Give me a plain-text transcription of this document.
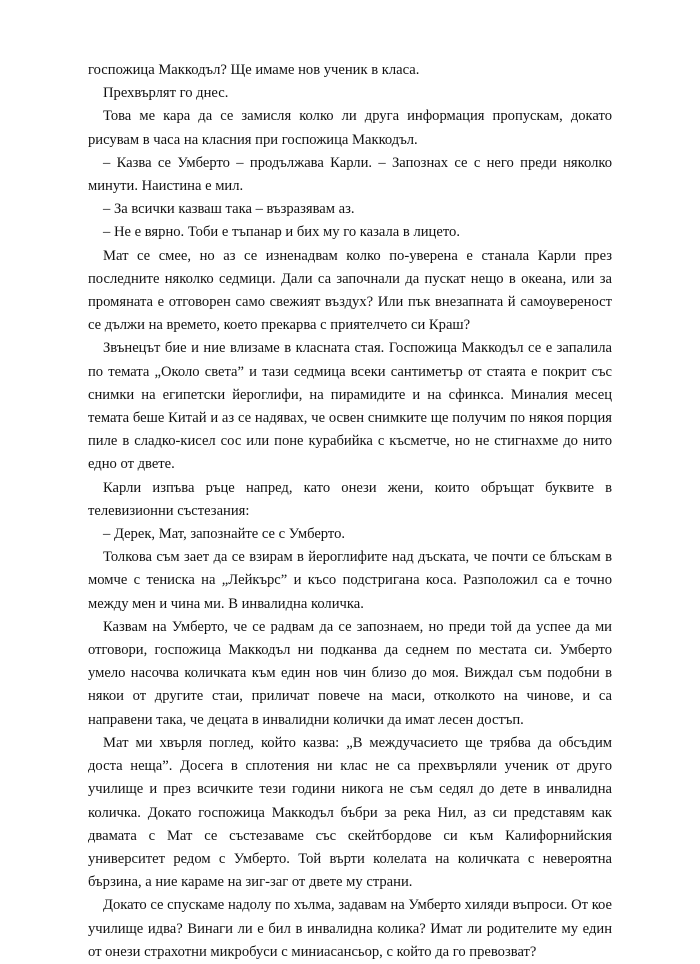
госпожица Маккодъл? Ще имаме нов ученик в класа.

Прехвърлят го днес.

Това ме кара да се замисля колко ли друга информация пропускам, докато рисувам в часа на класния при госпожица Маккодъл.

– Казва се Умберто – продължава Карли. – Запознах се с него преди няколко минути. Наистина е мил.

– За всички казваш така – възразявам аз.

– Не е вярно. Тоби е тъпанар и бих му го казала в лицето.

Мат се смее, но аз се изненадвам колко по-уверена е станала Карли през последните няколко седмици. Дали са започнали да пускат нещо в океана, или за промяната е отговорен само свежият въздух? Или пък внезапната й самоувереност се дължи на времето, което прекарва с приятелчето си Краш?

Звънецът бие и ние влизаме в класната стая. Госпожица Маккодъл се е запалила по темата „Около света” и тази седмица всеки сантиметър от стаята е покрит със снимки на египетски йероглифи, на пирамидите и на сфинкса. Миналия месец темата беше Китай и аз се надявах, че освен снимките ще получим по някоя порция пиле в сладко-кисел сос или поне курабийка с късметче, но не стигнахме до нито едно от двете.

Карли изпъва ръце напред, като онези жени, които обръщат буквите в телевизионни състезания:

– Дерек, Мат, запознайте се с Умберто.

Толкова съм зает да се взирам в йероглифите над дъската, че почти се блъскам в момче с тениска на „Лейкърс” и късо подстригана коса. Разположил са е точно между мен и чина ми. В инвалидна количка.

Казвам на Умберто, че се радвам да се запознаем, но преди той да успее да ми отговори, госпожица Маккодъл ни подканва да седнем по местата си. Умберто умело насочва количката към един нов чин близо до моя. Виждал съм подобни в някои от другите стаи, приличат повече на маси, отколкото на чинове, и са направени така, че децата в инвалидни колички да имат лесен достъп.

Мат ми хвърля поглед, който казва: „В междучасието ще трябва да обсъдим доста неща”. Досега в сплотения ни клас не са прехвърляли ученик от друго училище и през всичките тези години никога не съм седял до дете в инвалидна количка. Докато госпожица Маккодъл бъбри за река Нил, аз си представям как двамата с Мат се състезаваме със скейтбордове си към Калифорнийския университет редом с Умберто. Той върти колелата на количката с невероятна бързина, а ние караме на зиг-заг от двете му страни.

Докато се спускаме надолу по хълма, задавам на Умберто хиляди въпроси. От кое училище идва? Винаги ли е бил в инвалидна колика? Имат ли родителите му един от онези страхотни микробуси с миниасансьор, с който да го превозват?
